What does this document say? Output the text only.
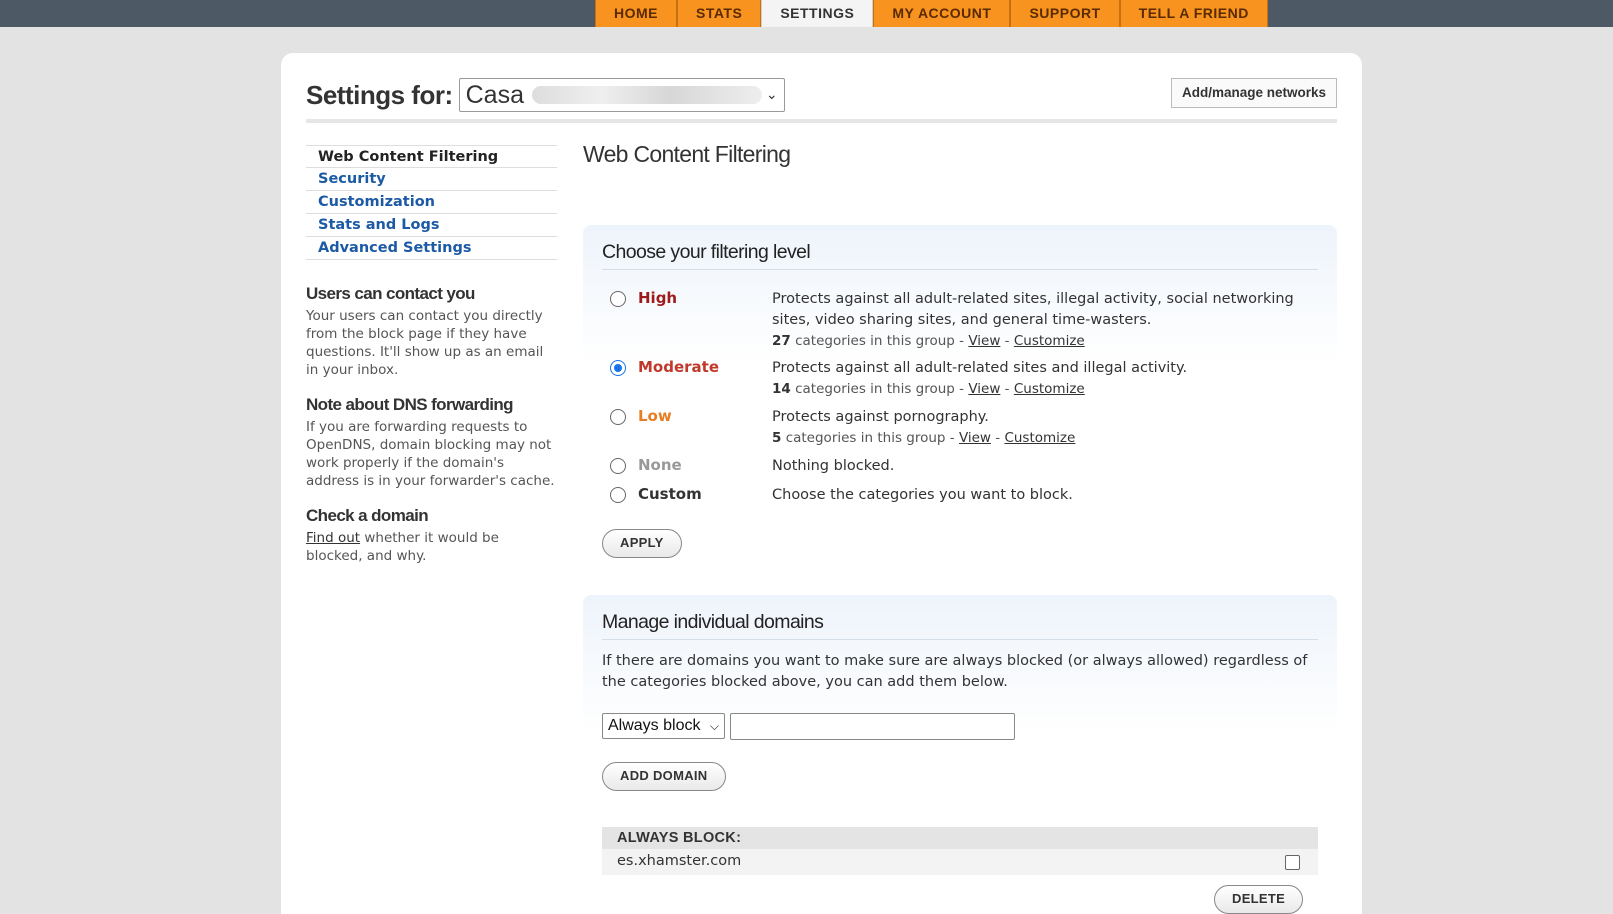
HOME	STATS	SETTINGS	MY ACCOUNT	SUPPORT	TELL A FRIEND
Settings for: Casa	⌄	Add/manage networks
Web Content Filtering
Security
Customization
Stats and Logs
Advanced Settings
Users can contact you

Your users can contact you directly from the block page if they have questions. It'll show up as an email in your inbox.

Note about DNS forwarding

If you are forwarding requests to OpenDNS, domain blocking may not work properly if the domain's address is in your forwarder's cache.

Check a domain

Find out whether it would be blocked, and why.

Web Content Filtering
Choose your filtering level
High	Protects against all adult-related sites, illegal activity, social networking sites, video sharing sites, and general time-wasters.
27 categories in this group - View - Customize
Moderate	Protects against all adult-related sites and illegal activity.
14 categories in this group - View - Customize
Low	Protects against pornography.
5 categories in this group - View - Customize
None	Nothing blocked.
Custom	Choose the categories you want to block.
APPLY
Manage individual domains
If there are domains you want to make sure are always blocked (or always allowed) regardless of the categories blocked above, you can add them below.
Always block ⌵
ADD DOMAIN
ALWAYS BLOCK:
es.xhamster.com
DELETE
